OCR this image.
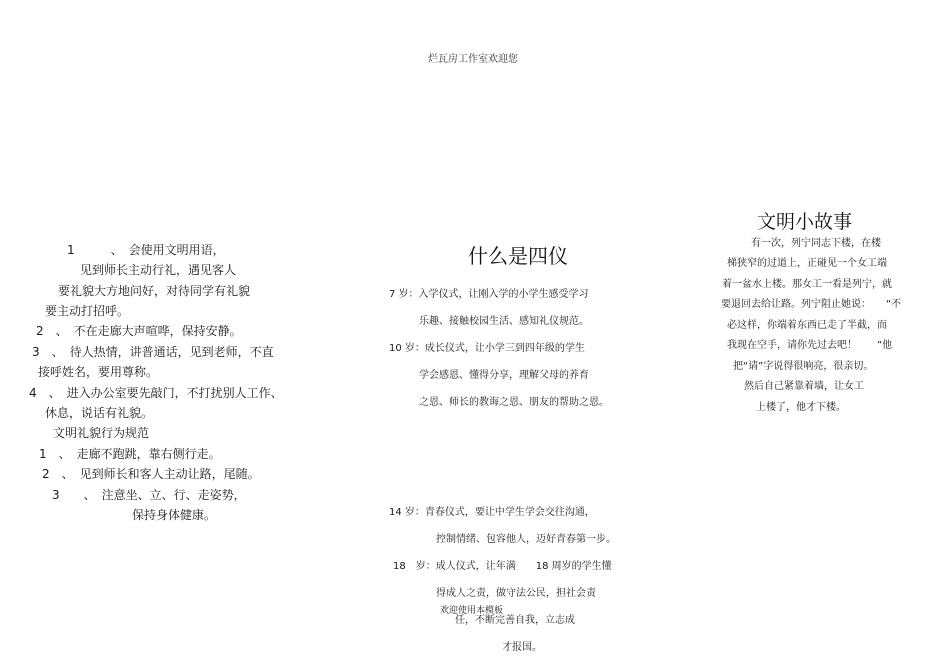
烂瓦房工作室欢迎您
1　　　、　会使用文明用语，
见到师长主动行礼，遇见客人
要礼貌大方地问好，对待同学有礼貌
要主动打招呼。
2　、　不在走廊大声喧哗，保持安静。
3　、　待人热情，讲普通话，见到老师，不直
接呼姓名，要用尊称。
4　、　进入办公室要先敲门，不打扰别人工作、
休息，说话有礼貌。
文明礼貌行为规范
1　、　走廊不跑跳，靠右侧行走。
2　、　见到师长和客人主动让路，尾随。
3　　、　注意坐、立、行、走姿势，
保持身体健康。
什么是四仪
7 岁：入学仪式，让刚入学的小学生感受学习
乐趣、接触校园生活、感知礼仪规范。
10 岁：成长仪式，让小学三到四年级的学生
学会感恩、懂得分享，理解父母的养育
之恩、师长的教诲之恩、朋友的帮助之恩。
14 岁：青春仪式，要让中学生学会交往沟通，
控制情绪、包容他人，迈好青春第一步。
18　岁：成人仪式，让年满　　18 周岁的学生懂
得成人之责，做守法公民，担社会责
任，不断完善自我，立志成
才报国。
欢迎使用本模板
文明小故事
有一次，列宁同志下楼，在楼
梯狭窄的过道上，正碰见一个女工端
着一盆水上楼。那女工一看是列宁，就
要退回去给让路。列宁阻止她说：　　“不
必这样，你端着东西已走了半截，而
我现在空手，请你先过去吧！　　”他
把“请”字说得很响亮，很亲切。
然后自己紧靠着墙，让女工
上楼了，他才下楼。
